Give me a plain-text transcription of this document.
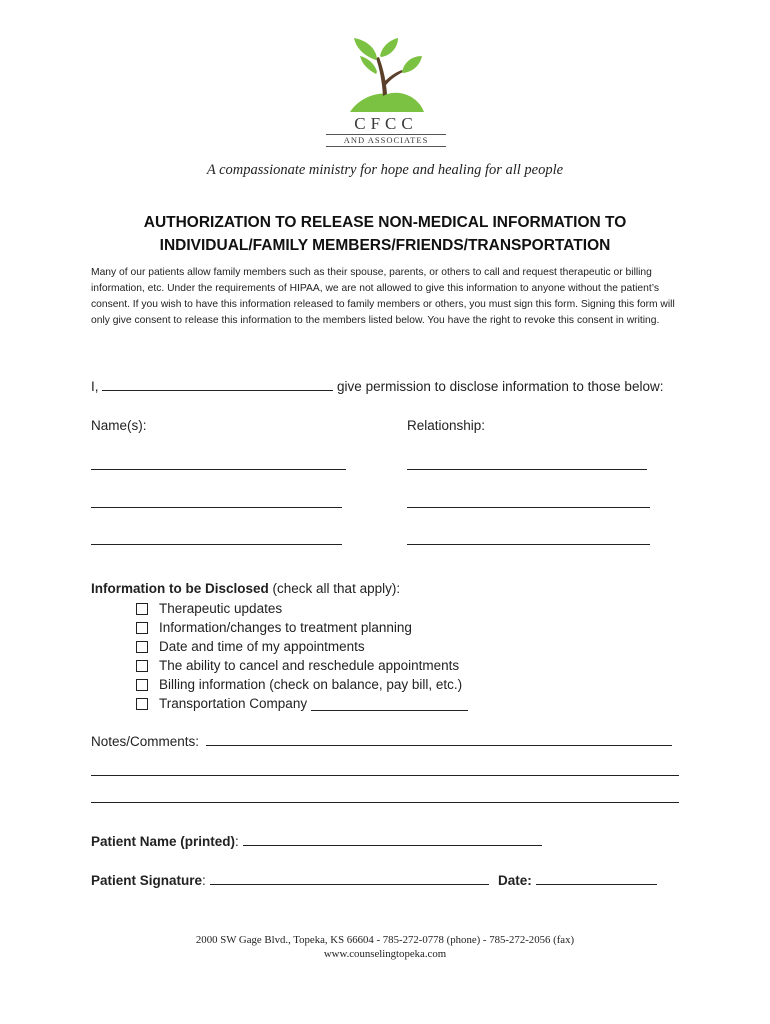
CFCC
AND ASSOCIATES
A compassionate ministry for hope and healing for all people
AUTHORIZATION TO RELEASE NON-MEDICAL INFORMATION TO
INDIVIDUAL/FAMILY MEMBERS/FRIENDS/TRANSPORTATION
Many of our patients allow family members such as their spouse, parents, or others to call and request therapeutic or billing information, etc. Under the requirements of HIPAA, we are not allowed to give this information to anyone without the patient’s consent. If you wish to have this information released to family members or others, you must sign this form. Signing this form will only give consent to release this information to the members listed below. You have the right to revoke this consent in writing.
I,	give permission to disclose information to those below:
Name(s):	Relationship:
Information to be Disclosed (check all that apply):
Therapeutic updates
Information/changes to treatment planning
Date and time of my appointments
The ability to cancel and reschedule appointments
Billing information (check on balance, pay bill, etc.)
Transportation Company
Notes/Comments:
Patient Name (printed):
Patient Signature:	Date:
2000 SW Gage Blvd., Topeka, KS 66604 - 785-272-0778 (phone) - 785-272-2056 (fax)
www.counselingtopeka.com
